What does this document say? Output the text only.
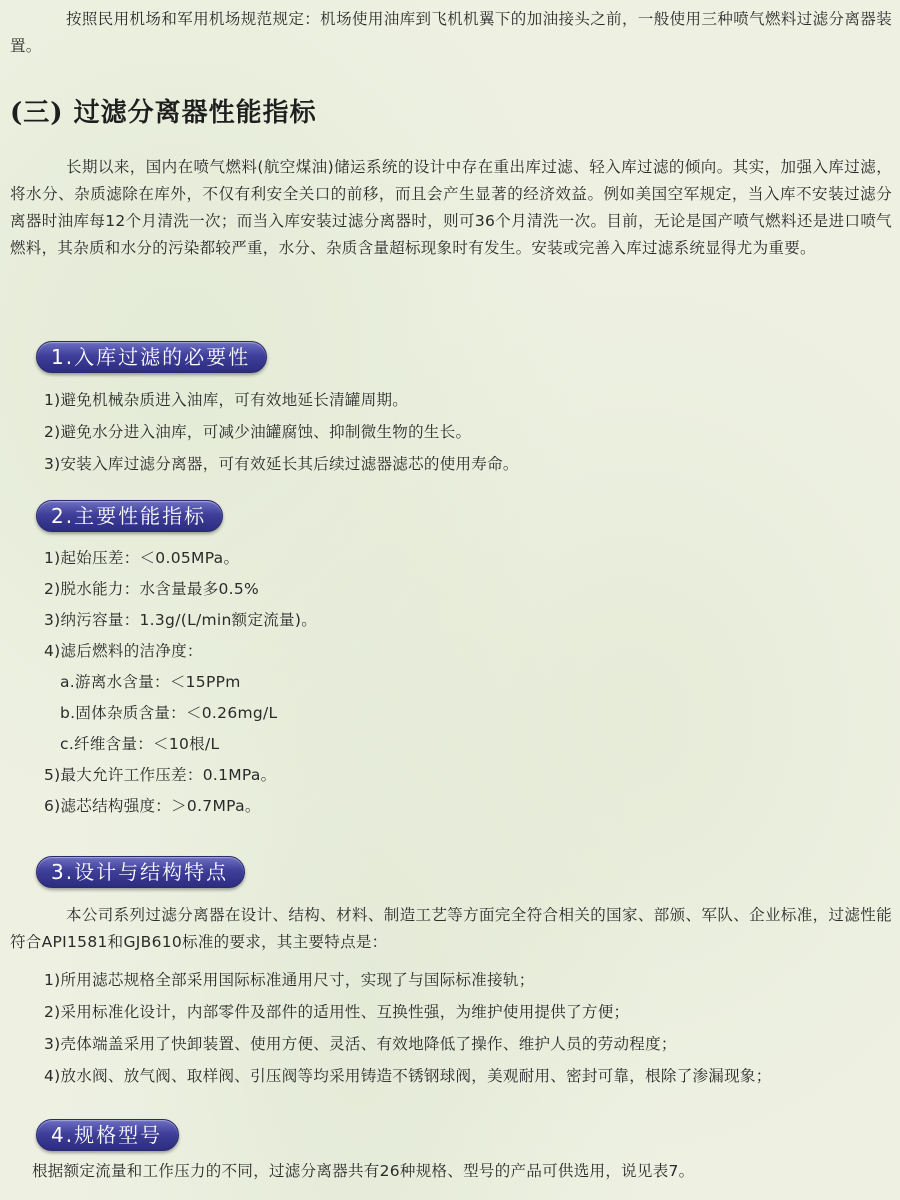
按照民用机场和军用机场规范规定：机场使用油库到飞机机翼下的加油接头之前，一般使用三种喷气燃料过滤分离器装置。

(三) 过滤分离器性能指标

长期以来，国内在喷气燃料(航空煤油)储运系统的设计中存在重出库过滤、轻入库过滤的倾向。其实，加强入库过滤，将水分、杂质滤除在库外，不仅有利安全关口的前移，而且会产生显著的经济效益。例如美国空军规定，当入库不安装过滤分离器时油库每12个月清洗一次；而当入库安装过滤分离器时，则可36个月清洗一次。目前，无论是国产喷气燃料还是进口喷气燃料，其杂质和水分的污染都较严重，水分、杂质含量超标现象时有发生。安装或完善入库过滤系统显得尤为重要。

1.入库过滤的必要性
1)避免机械杂质进入油库，可有效地延长清罐周期。
2)避免水分进入油库，可减少油罐腐蚀、抑制微生物的生长。
3)安装入库过滤分离器，可有效延长其后续过滤器滤芯的使用寿命。
2.主要性能指标
1)起始压差：＜0.05MPa。
2)脱水能力：水含量最多0.5%
3)纳污容量：1.3g/(L/min额定流量)。
4)滤后燃料的洁净度：
a.游离水含量：＜15PPm
b.固体杂质含量：＜0.26mg/L
c.纤维含量：＜10根/L
5)最大允许工作压差：0.1MPa。
6)滤芯结构强度：＞0.7MPa。
3.设计与结构特点

本公司系列过滤分离器在设计、结构、材料、制造工艺等方面完全符合相关的国家、部颁、军队、企业标准，过滤性能符合API1581和GJB610标准的要求，其主要特点是：

1)所用滤芯规格全部采用国际标准通用尺寸，实现了与国际标准接轨；
2)采用标准化设计，内部零件及部件的适用性、互换性强，为维护使用提供了方便；
3)壳体端盖采用了快卸装置、使用方便、灵活、有效地降低了操作、维护人员的劳动程度；
4)放水阀、放气阀、取样阀、引压阀等均采用铸造不锈钢球阀，美观耐用、密封可靠，根除了渗漏现象；
4.规格型号

根据额定流量和工作压力的不同，过滤分离器共有26种规格、型号的产品可供选用，说见表7。
